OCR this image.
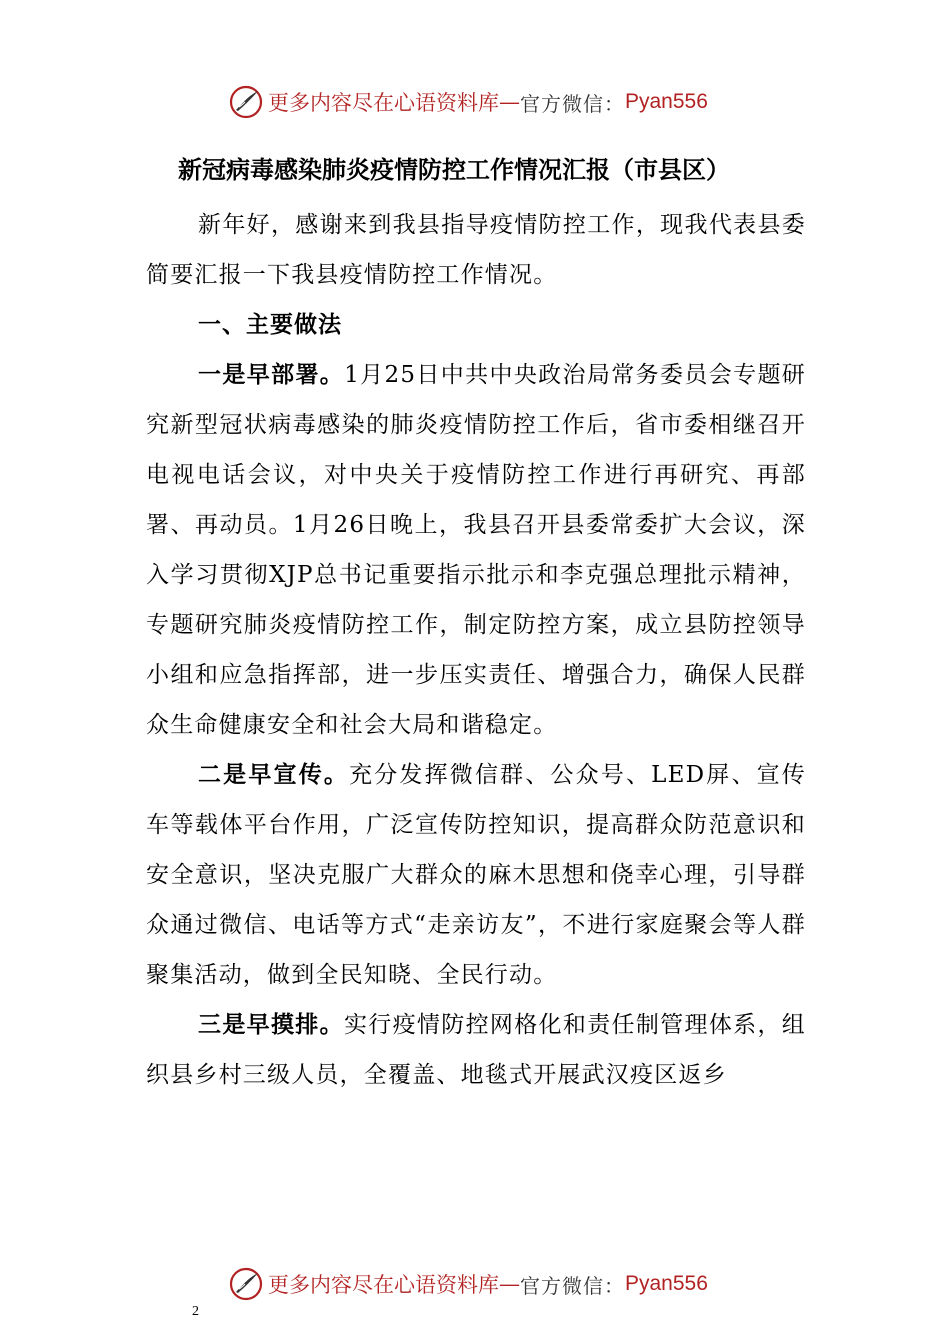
更多内容尽在心语资料库 — 官方微信： Pyan556
新冠病毒感染肺炎疫情防控工作情况汇报（市县区）

新年好，感谢来到我县指导疫情防控工作，现我代表县委简要汇报一下我县疫情防控工作情况。

一、主要做法

一是早部署。1月25日中共中央政治局常务委员会专题研究新型冠状病毒感染的肺炎疫情防控工作后，省市委相继召开电视电话会议，对中央关于疫情防控工作进行再研究、再部署、再动员。1月26日晚上，我县召开县委常委扩大会议，深入学习贯彻XJP总书记重要指示批示和李克强总理批示精神，专题研究肺炎疫情防控工作，制定防控方案，成立县防控领导小组和应急指挥部，进一步压实责任、增强合力，确保人民群众生命健康安全和社会大局和谐稳定。

二是早宣传。充分发挥微信群、公众号、LED屏、宣传车等载体平台作用，广泛宣传防控知识，提高群众防范意识和安全意识，坚决克服广大群众的麻木思想和侥幸心理，引导群众通过微信、电话等方式“走亲访友”，不进行家庭聚会等人群聚集活动，做到全民知晓、全民行动。

三是早摸排。实行疫情防控网格化和责任制管理体系，组织县乡村三级人员，全覆盖、地毯式开展武汉疫区返乡

更多内容尽在心语资料库 — 官方微信： Pyan556
2
